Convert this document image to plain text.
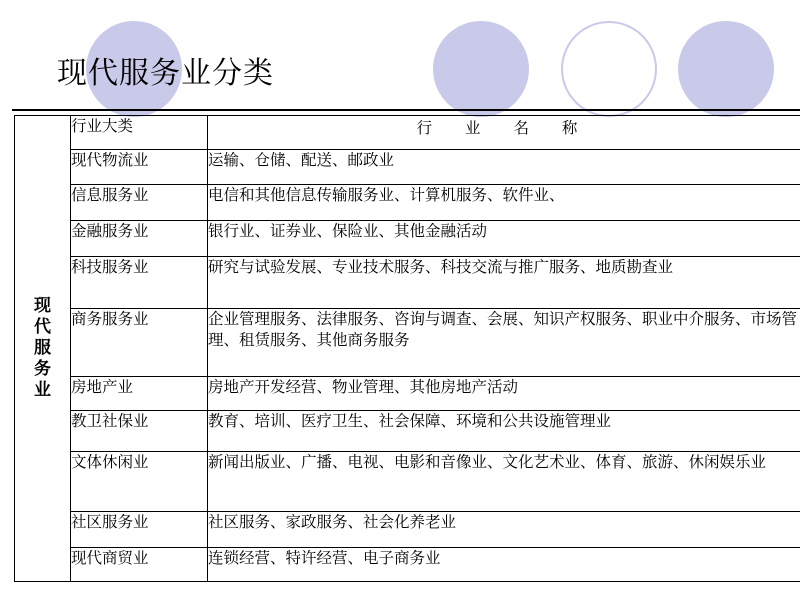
现代服务业分类
现代服务业	行业大类	行 业 名 称
	现代物流业	运输、仓储、配送、邮政业
	信息服务业	电信和其他信息传输服务业、计算机服务、软件业、
	金融服务业	银行业、证券业、保险业、其他金融活动
	科技服务业	研究与试验发展、专业技术服务、科技交流与推广服务、地质勘查业
	商务服务业	企业管理服务、法律服务、咨询与调查、会展、知识产权服务、职业中介服务、市场管理、租赁服务、其他商务服务
	房地产业	房地产开发经营、物业管理、其他房地产活动
	教卫社保业	教育、培训、医疗卫生、社会保障、环境和公共设施管理业
	文体休闲业	新闻出版业、广播、电视、电影和音像业、文化艺术业、体育、旅游、休闲娱乐业
	社区服务业	社区服务、家政服务、社会化养老业
	现代商贸业	连锁经营、特许经营、电子商务业
